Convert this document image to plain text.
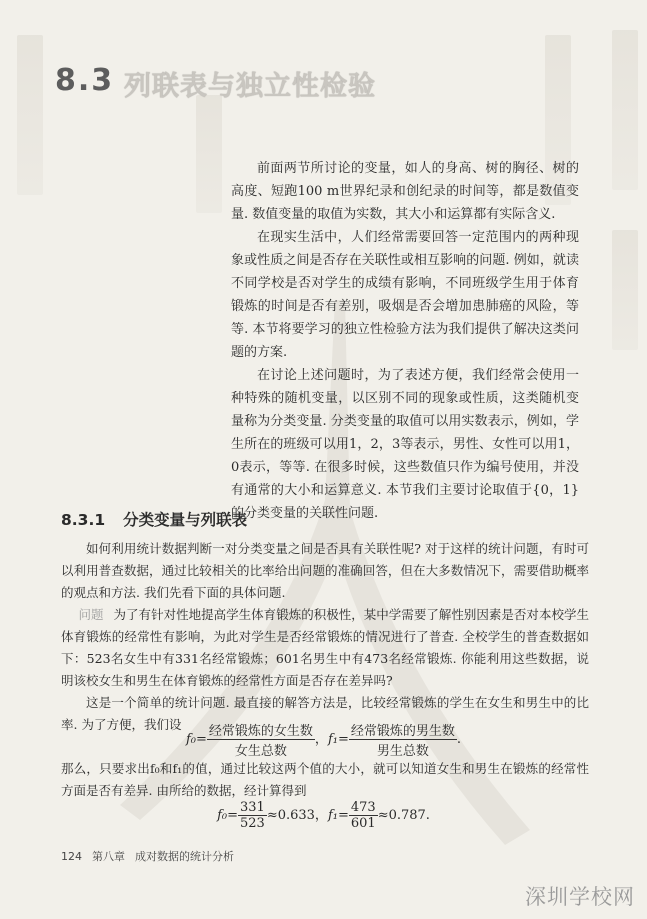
8.3 列联表与独立性检验

前面两节所讨论的变量，如人的身高、树的胸径、树的高度、短跑100 m世界纪录和创纪录的时间等，都是数值变量. 数值变量的取值为实数，其大小和运算都有实际含义.

在现实生活中，人们经常需要回答一定范围内的两种现象或性质之间是否存在关联性或相互影响的问题. 例如，就读不同学校是否对学生的成绩有影响，不同班级学生用于体育锻炼的时间是否有差别，吸烟是否会增加患肺癌的风险，等等. 本节将要学习的独立性检验方法为我们提供了解决这类问题的方案.

在讨论上述问题时，为了表述方便，我们经常会使用一种特殊的随机变量，以区别不同的现象或性质，这类随机变量称为分类变量. 分类变量的取值可以用实数表示，例如，学生所在的班级可以用1，2，3等表示，男性、女性可以用1，0表示，等等. 在很多时候，这些数值只作为编号使用，并没有通常的大小和运算意义. 本节我们主要讨论取值于{0，1}的分类变量的关联性问题.

8.3.1 分类变量与列联表

如何利用统计数据判断一对分类变量之间是否具有关联性呢? 对于这样的统计问题，有时可以利用普查数据，通过比较相关的比率给出问题的准确回答，但在大多数情况下，需要借助概率的观点和方法. 我们先看下面的具体问题.

问题 为了有针对性地提高学生体育锻炼的积极性，某中学需要了解性别因素是否对本校学生体育锻炼的经常性有影响，为此对学生是否经常锻炼的情况进行了普查. 全校学生的普查数据如下：523名女生中有331名经常锻炼；601名男生中有473名经常锻炼. 你能利用这些数据，说明该校女生和男生在体育锻炼的经常性方面是否存在差异吗?

这是一个简单的统计问题. 最直接的解答方法是，比较经常锻炼的学生在女生和男生中的比率. 为了方便，我们设

$f_0= \frac{\text{经常锻炼的女生数}}{\text{女生总数}}$ ，$f_1= \frac{\text{经常锻炼的男生数}}{\text{男生总数}}$ .

那么，只要求出f₀和f₁的值，通过比较这两个值的大小，就可以知道女生和男生在锻炼的经常性方面是否有差异. 由所给的数据，经计算得到

$f_0= \frac{331}{523} \approx 0.633$，$f_1= \frac{473}{601} \approx 0.787$.
124 第八章 成对数据的统计分析
深圳学校网
